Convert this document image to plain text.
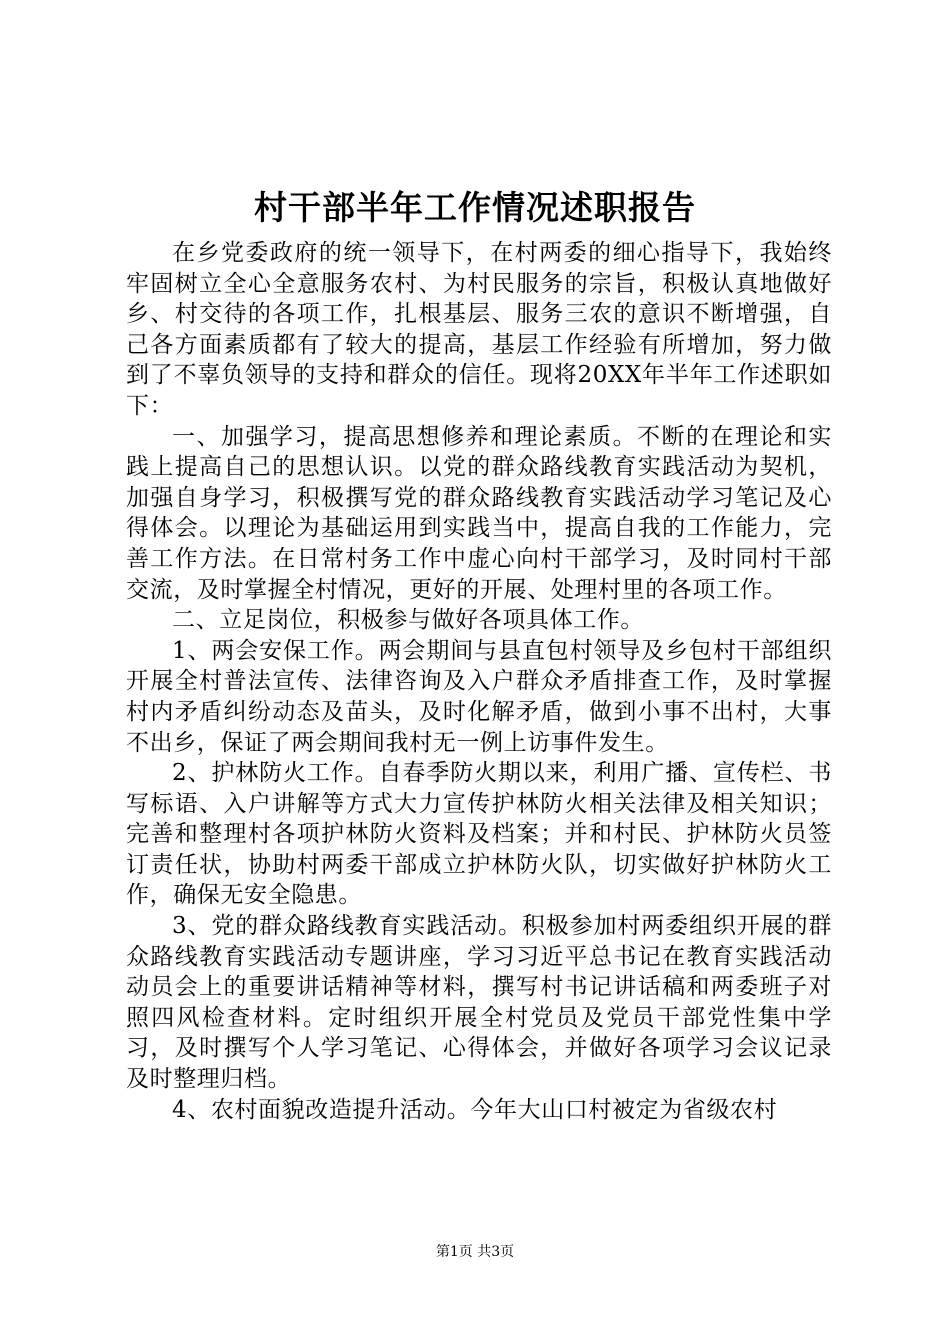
村干部半年工作情况述职报告

在乡党委政府的统一领导下，在村两委的细心指导下，我始终牢固树立全心全意服务农村、为村民服务的宗旨，积极认真地做好乡、村交待的各项工作，扎根基层、服务三农的意识不断增强，自己各方面素质都有了较大的提高，基层工作经验有所增加，努力做到了不辜负领导的支持和群众的信任。现将20XX年半年工作述职如下：

一、加强学习，提高思想修养和理论素质。不断的在理论和实践上提高自己的思想认识。以党的群众路线教育实践活动为契机，加强自身学习，积极撰写党的群众路线教育实践活动学习笔记及心得体会。以理论为基础运用到实践当中，提高自我的工作能力，完善工作方法。在日常村务工作中虚心向村干部学习，及时同村干部交流，及时掌握全村情况，更好的开展、处理村里的各项工作。

二、立足岗位，积极参与做好各项具体工作。

1、两会安保工作。两会期间与县直包村领导及乡包村干部组织开展全村普法宣传、法律咨询及入户群众矛盾排查工作，及时掌握村内矛盾纠纷动态及苗头，及时化解矛盾，做到小事不出村，大事不出乡，保证了两会期间我村无一例上访事件发生。

2、护林防火工作。自春季防火期以来，利用广播、宣传栏、书写标语、入户讲解等方式大力宣传护林防火相关法律及相关知识；完善和整理村各项护林防火资料及档案；并和村民、护林防火员签订责任状，协助村两委干部成立护林防火队，切实做好护林防火工作，确保无安全隐患。

3、党的群众路线教育实践活动。积极参加村两委组织开展的群众路线教育实践活动专题讲座，学习习近平总书记在教育实践活动动员会上的重要讲话精神等材料，撰写村书记讲话稿和两委班子对照四风检查材料。定时组织开展全村党员及党员干部党性集中学习，及时撰写个人学习笔记、心得体会，并做好各项学习会议记录及时整理归档。

4、农村面貌改造提升活动。今年大山口村被定为省级农村

第1页 共3页
